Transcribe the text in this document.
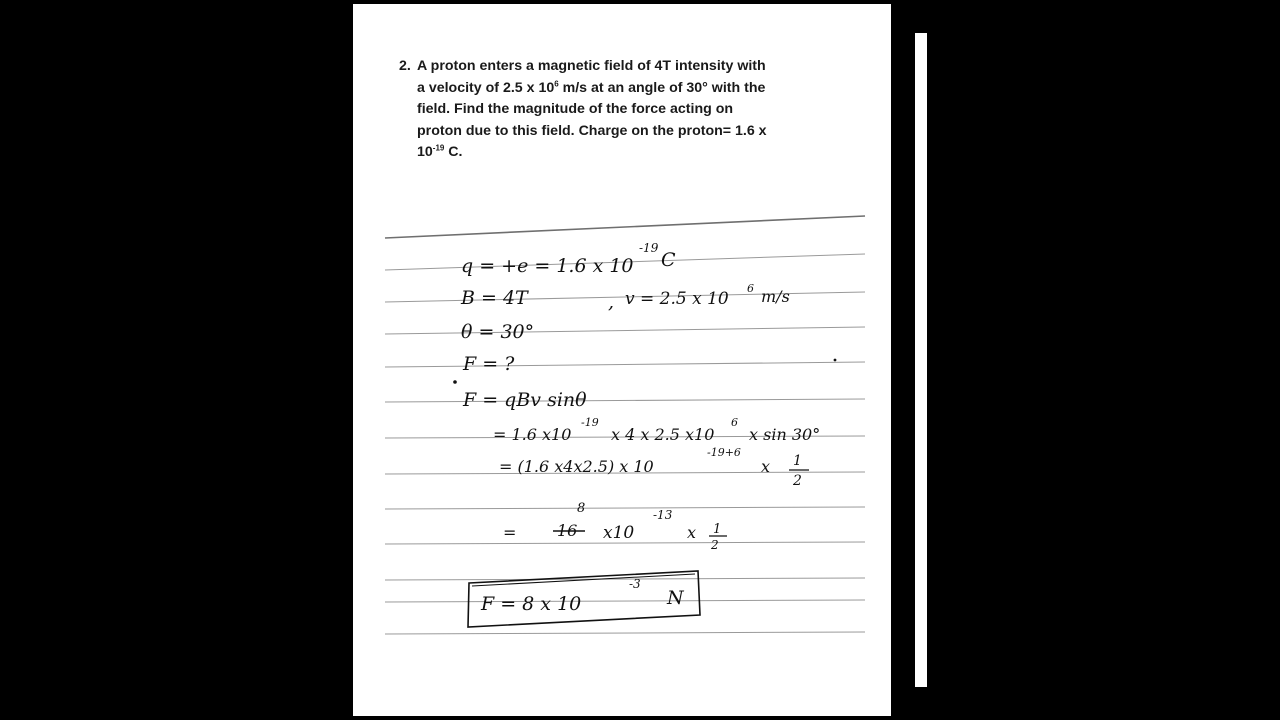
2. A proton enters a magnetic field of 4T intensity with
a velocity of 2.5 x $10^6$ m/s at an angle of 30° with the
field. Find the magnitude of the force acting on
proton due to this field. Charge on the proton= 1.6 x
$10^{-19}$ C.
q = +e = 1.6 x 10
-19
C
B = 4T	, v = 2.5 x 10
6 m/s
θ = 30°
F = ?
F = qBv sinθ
= 1.6 x10
-19
x 4 x 2.5 x10
6
x sin 30°
= (1.6 x4x2.5) x 10
-19+6
x 1
2
8
=	16 x10
-13
x 1
2
F = 8 x 10
-3
N
